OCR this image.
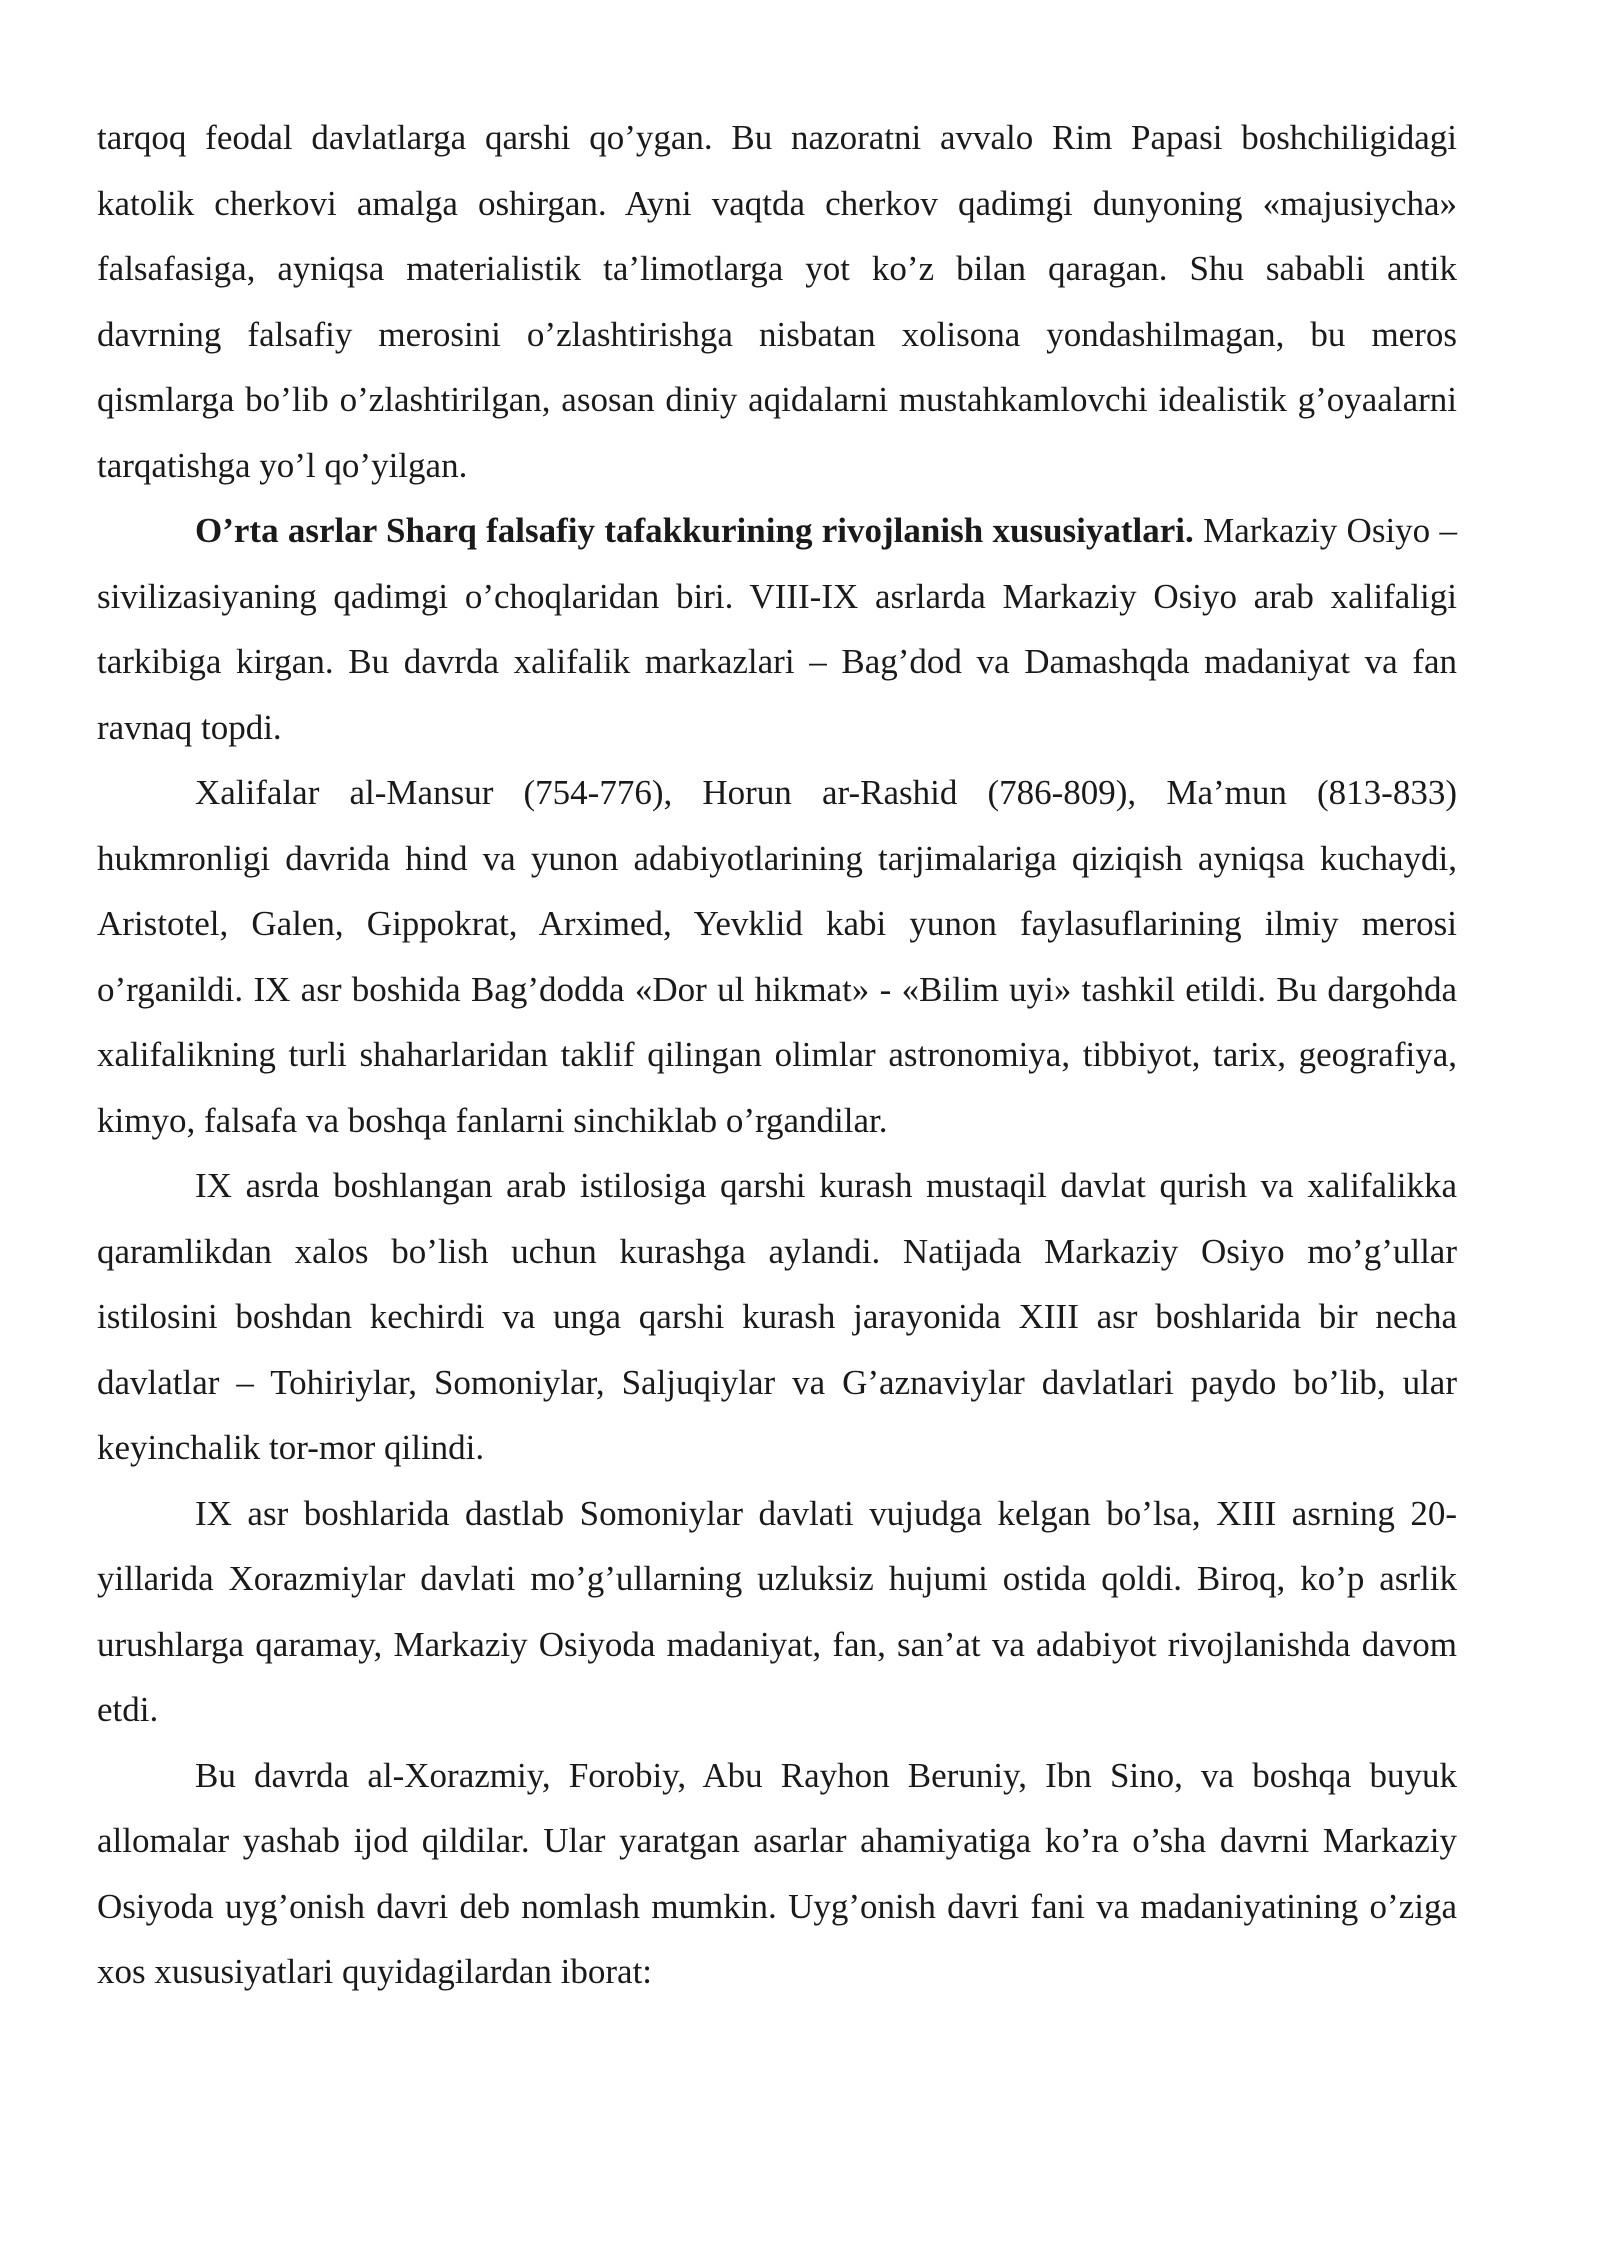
tarqoq feodal davlatlarga qarshi qo’ygan. Bu nazoratni avvalo Rim Papasi boshchiligidagi katolik cherkovi amalga oshirgan. Ayni vaqtda cherkov qadimgi dunyoning «majusiycha» falsafasiga, ayniqsa materialistik ta’limotlarga yot ko’z bilan qaragan. Shu sababli antik davrning falsafiy merosini o’zlashtirishga nisbatan xolisona yondashilmagan, bu meros qismlarga bo’lib o’zlashtirilgan, asosan diniy aqidalarni mustahkamlovchi idealistik g’oyaalarni tarqatishga yo’l qo’yilgan.

O’rta asrlar Sharq falsafiy tafakkurining rivojlanish xususiyatlari. Markaziy Osiyo – sivilizasiyaning qadimgi o’choqlaridan biri. VIII-IX asrlarda Markaziy Osiyo arab xalifaligi tarkibiga kirgan. Bu davrda xalifalik markazlari – Bag’dod va Damashqda madaniyat va fan ravnaq topdi.

Xalifalar al-Mansur (754-776), Horun ar-Rashid (786-809), Ma’mun (813-833) hukmronligi davrida hind va yunon adabiyotlarining tarjimalariga qiziqish ayniqsa kuchaydi, Aristotel, Galen, Gippokrat, Arximed, Yevklid kabi yunon faylasuflarining ilmiy merosi o’rganildi. IX asr boshida Bag’dodda «Dor ul hikmat» - «Bilim uyi» tashkil etildi. Bu dargohda xalifalikning turli shaharlaridan taklif qilingan olimlar astronomiya, tibbiyot, tarix, geografiya, kimyo, falsafa va boshqa fanlarni sinchiklab o’rgandilar.

IX asrda boshlangan arab istilosiga qarshi kurash mustaqil davlat qurish va xalifalikka qaramlikdan xalos bo’lish uchun kurashga aylandi. Natijada Markaziy Osiyo mo’g’ullar istilosini boshdan kechirdi va unga qarshi kurash jarayonida XIII asr boshlarida bir necha davlatlar – Tohiriylar, Somoniylar, Saljuqiylar va G’aznaviylar davlatlari paydo bo’lib, ular keyinchalik tor-mor qilindi.

IX asr boshlarida dastlab Somoniylar davlati vujudga kelgan bo’lsa, XIII asrning 20-yillarida Xorazmiylar davlati mo’g’ullarning uzluksiz hujumi ostida qoldi. Biroq, ko’p asrlik urushlarga qaramay, Markaziy Osiyoda madaniyat, fan, san’at va adabiyot rivojlanishda davom etdi.

Bu davrda al-Xorazmiy, Forobiy, Abu Rayhon Beruniy, Ibn Sino, va boshqa buyuk allomalar yashab ijod qildilar. Ular yaratgan asarlar ahamiyatiga ko’ra o’sha davrni Markaziy Osiyoda uyg’onish davri deb nomlash mumkin. Uyg’onish davri fani va madaniyatining o’ziga xos xususiyatlari quyidagilardan iborat:
